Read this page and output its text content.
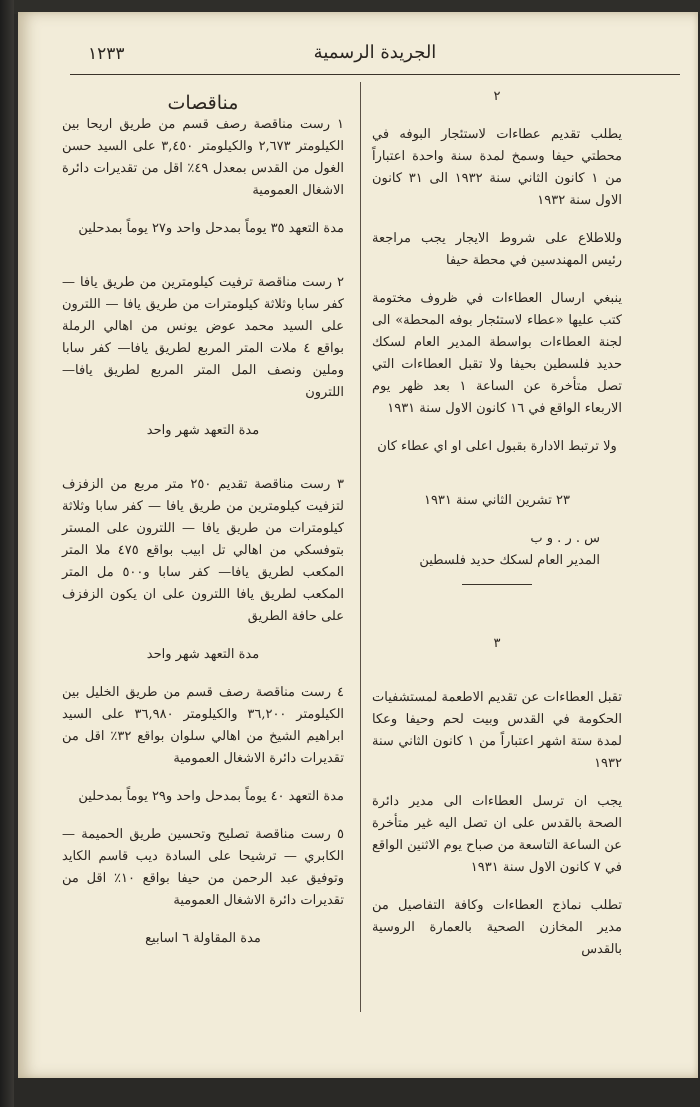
١٢٣٣	الجريدة الرسمية

مناقصات

١ رست مناقصة رصف قسم من طريق اريحا بين الكيلومتر ٢,٦٧٣ والكيلومتر ٣,٤٥٠ على السيد حسن الغول من القدس بمعدل ٤٩٪ اقل من تقديرات دائرة الاشغال العمومية

مدة التعهد ٣٥ يوماً بمدحل واحد و٢٧ يوماً بمدحلين

٢ رست مناقصة ترفيت كيلومترين من طريق يافا — كفر سابا وثلاثة كيلومترات من طريق يافا — اللترون على السيد محمد عوض يونس من اهالي الرملة بواقع ٤ ملات المتر المربع لطريق يافا— كفر سابا وملين ونصف المل المتر المربع لطريق يافا— اللترون

مدة التعهد شهر واحد

٣ رست مناقصة تقديم ٢٥٠ متر مربع من الزفزف لتزفيت كيلومترين من طريق يافا — كفر سابا وثلاثة كيلومترات من طريق يافا — اللترون على المستر بتوفسكي من اهالي تل ابيب بواقع ٤٧٥ ملا المتر المكعب لطريق يافا— كفر سابا و٥٠٠ مل المتر المكعب لطريق يافا اللترون على ان يكون الزفزف على حافة الطريق

مدة التعهد شهر واحد

٤ رست مناقصة رصف قسم من طريق الخليل بين الكيلومتر ٣٦,٢٠٠ والكيلومتر ٣٦,٩٨٠ على السيد ابراهيم الشيخ من اهالي سلوان بواقع ٣٢٪ اقل من تقديرات دائرة الاشغال العمومية

مدة التعهد ٤٠ يوماً بمدحل واحد و٢٩ يوماً بمدحلين

٥ رست مناقصة تصليح وتحسين طريق الحميمة — الكابري — ترشيحا على السادة ديب قاسم الكايد وتوفيق عبد الرحمن من حيفا بواقع ١٠٪ اقل من تقديرات دائرة الاشغال العمومية

مدة المقاولة ٦ اسابيع

٢

يطلب تقديم عطاءات لاستئجار البوفه في محطتي حيفا وسمخ لمدة سنة واحدة اعتباراً من ١ كانون الثاني سنة ١٩٣٢ الى ٣١ كانون الاول سنة ١٩٣٢

وللاطلاع على شروط الايجار يجب مراجعة رئيس المهندسين في محطة حيفا

ينبغي ارسال العطاءات في ظروف مختومة كتب عليها «عطاء لاستئجار بوفه المحطة» الى لجنة العطاءات بواسطة المدير العام لسكك حديد فلسطين بحيفا ولا تقبل العطاءات التي تصل متأخرة عن الساعة ١ بعد ظهر يوم الاربعاء الواقع في ١٦ كانون الاول سنة ١٩٣١

ولا ترتبط الادارة بقبول اعلى او اي عطاء كان

٢٣ تشرين الثاني سنة ١٩٣١

س . ر . و ب

المدير العام لسكك حديد فلسطين

٣

تقبل العطاءات عن تقديم الاطعمة لمستشفيات الحكومة في القدس وبيت لحم وحيفا وعكا لمدة ستة اشهر اعتباراً من ١ كانون الثاني سنة ١٩٣٢

يجب ان ترسل العطاءات الى مدير دائرة الصحة بالقدس على ان تصل اليه غير متأخرة عن الساعة التاسعة من صباح يوم الاثنين الواقع في ٧ كانون الاول سنة ١٩٣١

تطلب نماذج العطاءات وكافة التفاصيل من مدير المخازن الصحية بالعمارة الروسية بالقدس
